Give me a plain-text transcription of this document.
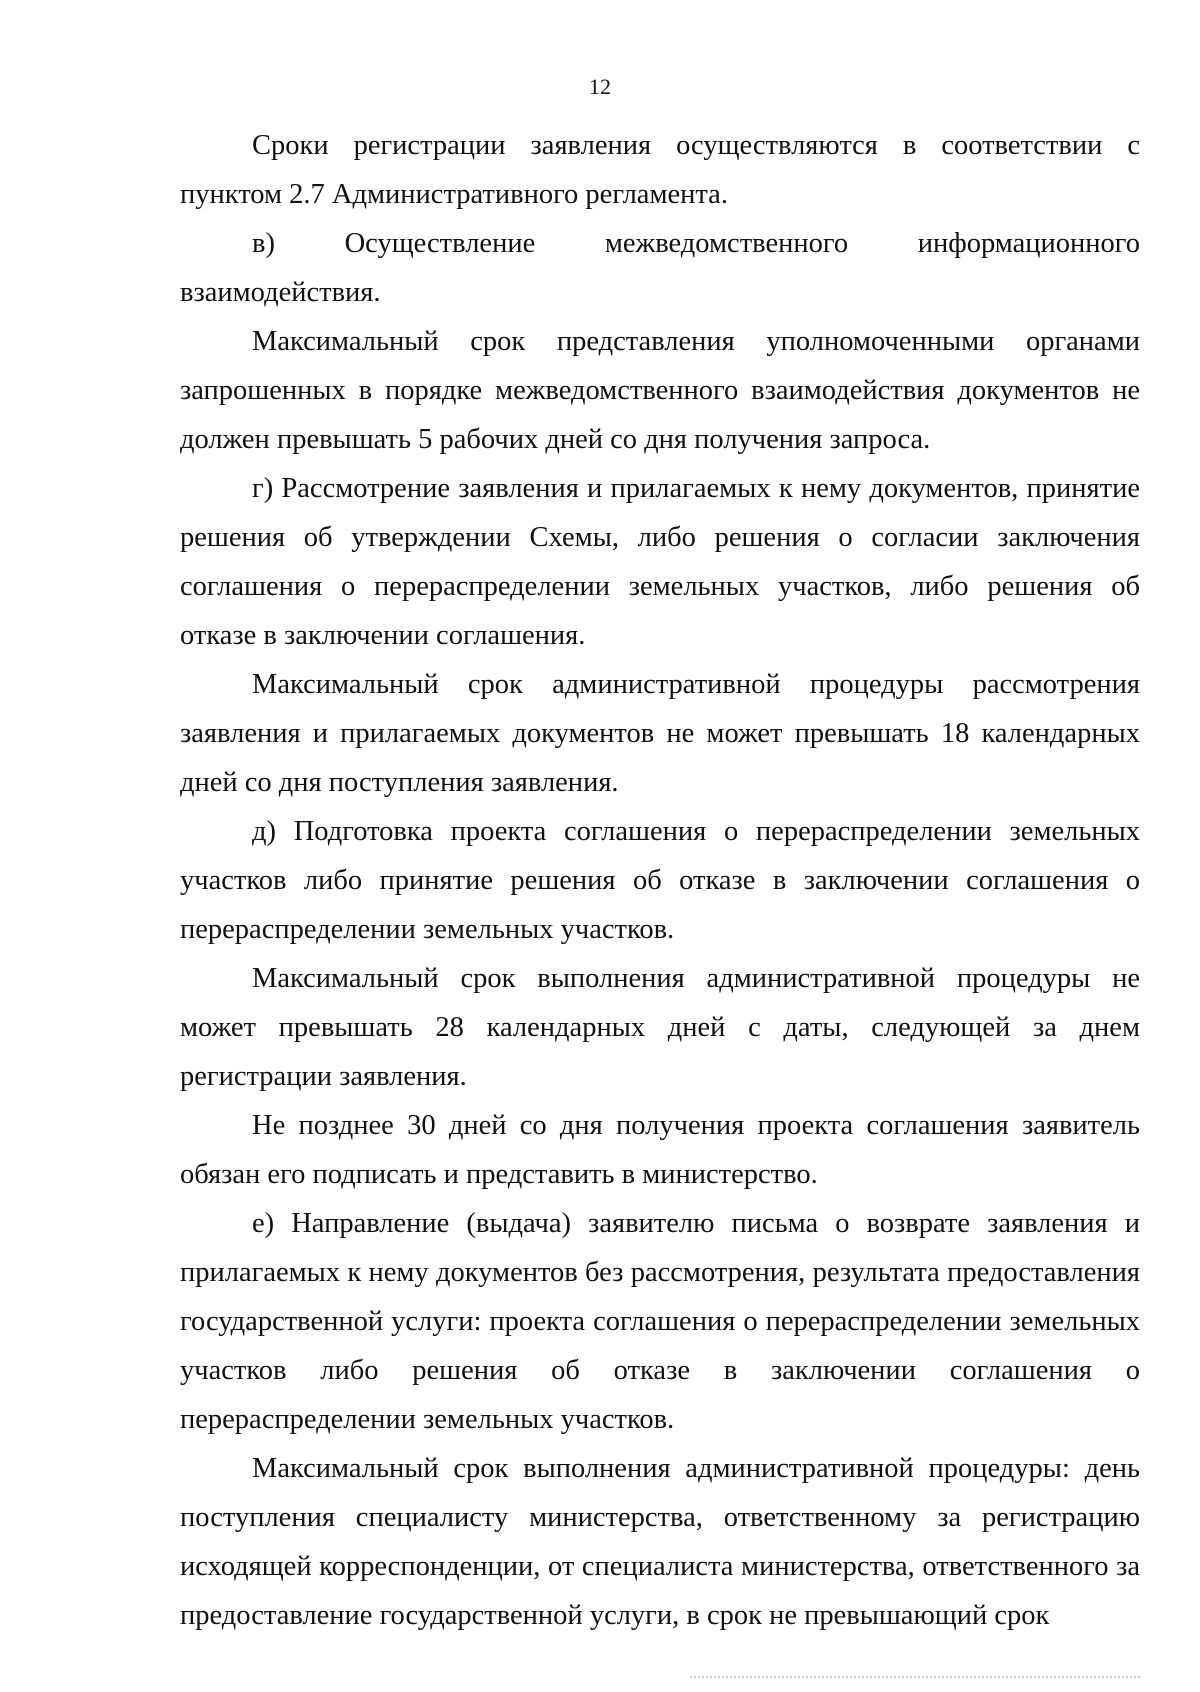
12

Сроки регистрации заявления осуществляются в соответствии с пунктом 2.7 Административного регламента.

в) Осуществление межведомственного информационного взаимодействия.

Максимальный срок представления уполномоченными органами запрошенных в порядке межведомственного взаимодействия документов не должен превышать 5 рабочих дней со дня получения запроса.

г) Рассмотрение заявления и прилагаемых к нему документов, принятие решения об утверждении Схемы, либо решения о согласии заключения соглашения о перераспределении земельных участков, либо решения об отказе в заключении соглашения.

Максимальный срок административной процедуры рассмотрения заявления и прилагаемых документов не может превышать 18 календарных дней со дня поступления заявления.

д) Подготовка проекта соглашения о перераспределении земельных участков либо принятие решения об отказе в заключении соглашения о перераспределении земельных участков.

Максимальный срок выполнения административной процедуры не может превышать 28 календарных дней с даты, следующей за днем регистрации заявления.

Не позднее 30 дней со дня получения проекта соглашения заявитель обязан его подписать и представить в министерство.

е) Направление (выдача) заявителю письма о возврате заявления и прилагаемых к нему документов без рассмотрения, результата предоставления государственной услуги: проекта соглашения о перераспределении земельных участков либо решения об отказе в заключении соглашения о перераспределении земельных участков.

Максимальный срок выполнения административной процедуры: день поступления специалисту министерства, ответственному за регистрацию исходящей корреспонденции, от специалиста министерства, ответственного за предоставление государственной услуги, в срок не превышающий срок
